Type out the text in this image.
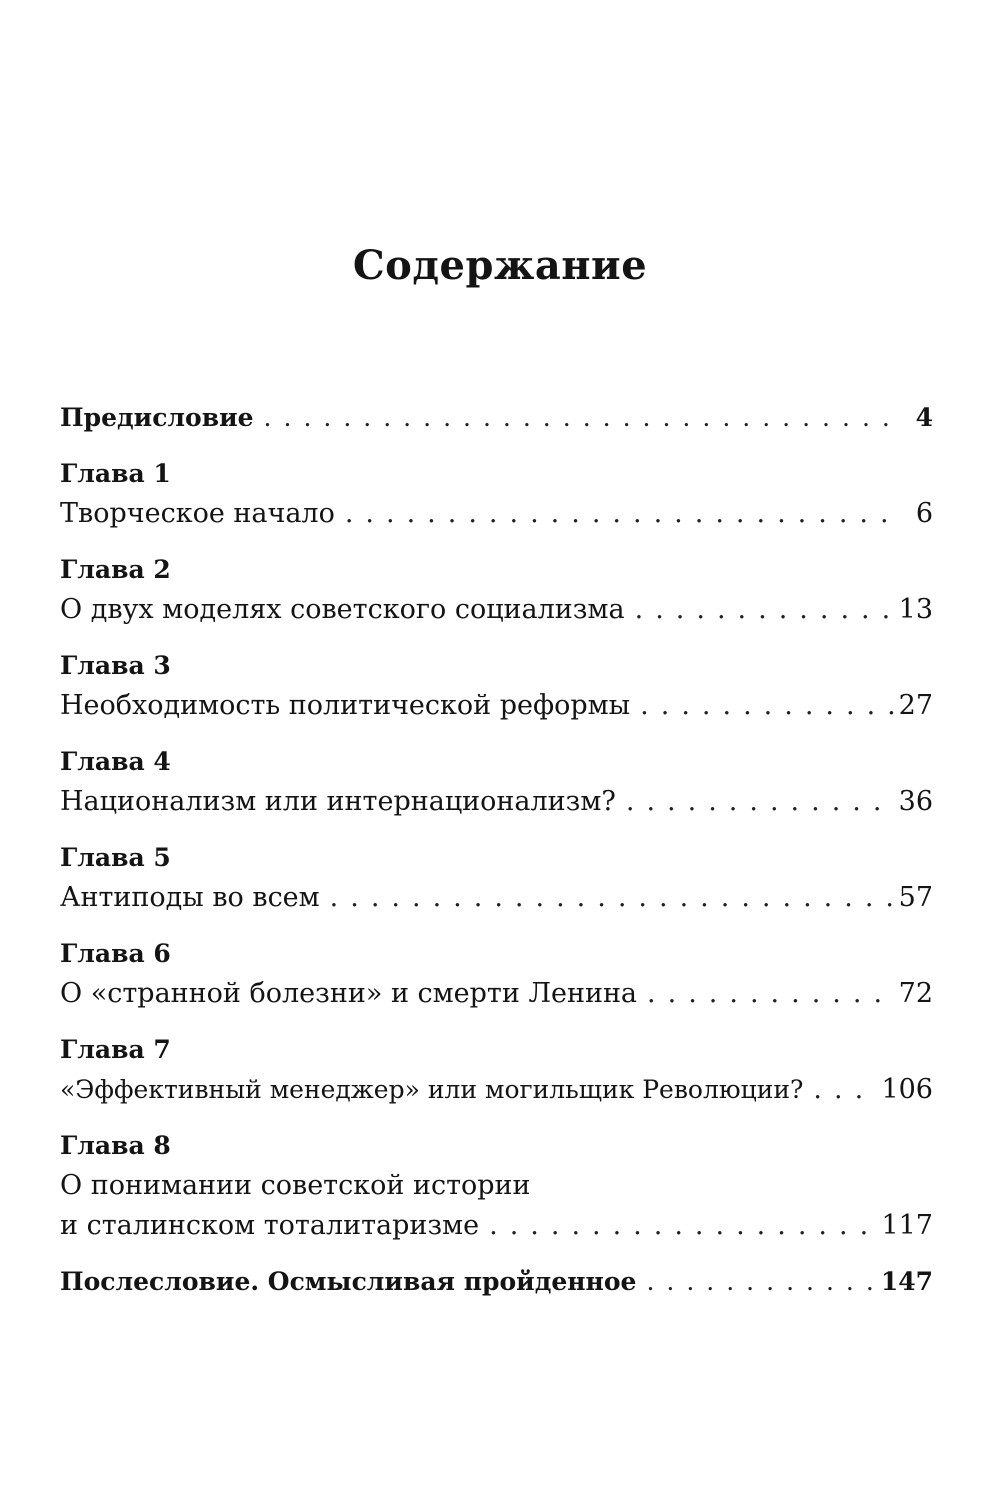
Содержание
Предисловие .....	4
Глава 1
Творческое начало .....	6
Глава 2
О двух моделях советского социализма .....	13
Глава 3
Необходимость политической реформы .....	27
Глава 4
Национализм или интернационализм? .....	36
Глава 5
Антиподы во всем .....	57
Глава 6
О «странной болезни» и смерти Ленина .....	72
Глава 7
«Эффективный менеджер» или могильщик Революции? .....	106
Глава 8
О понимании советской истории
и сталинском тоталитаризме .....	117
Послесловие. Осмысливая пройденное .....	147
